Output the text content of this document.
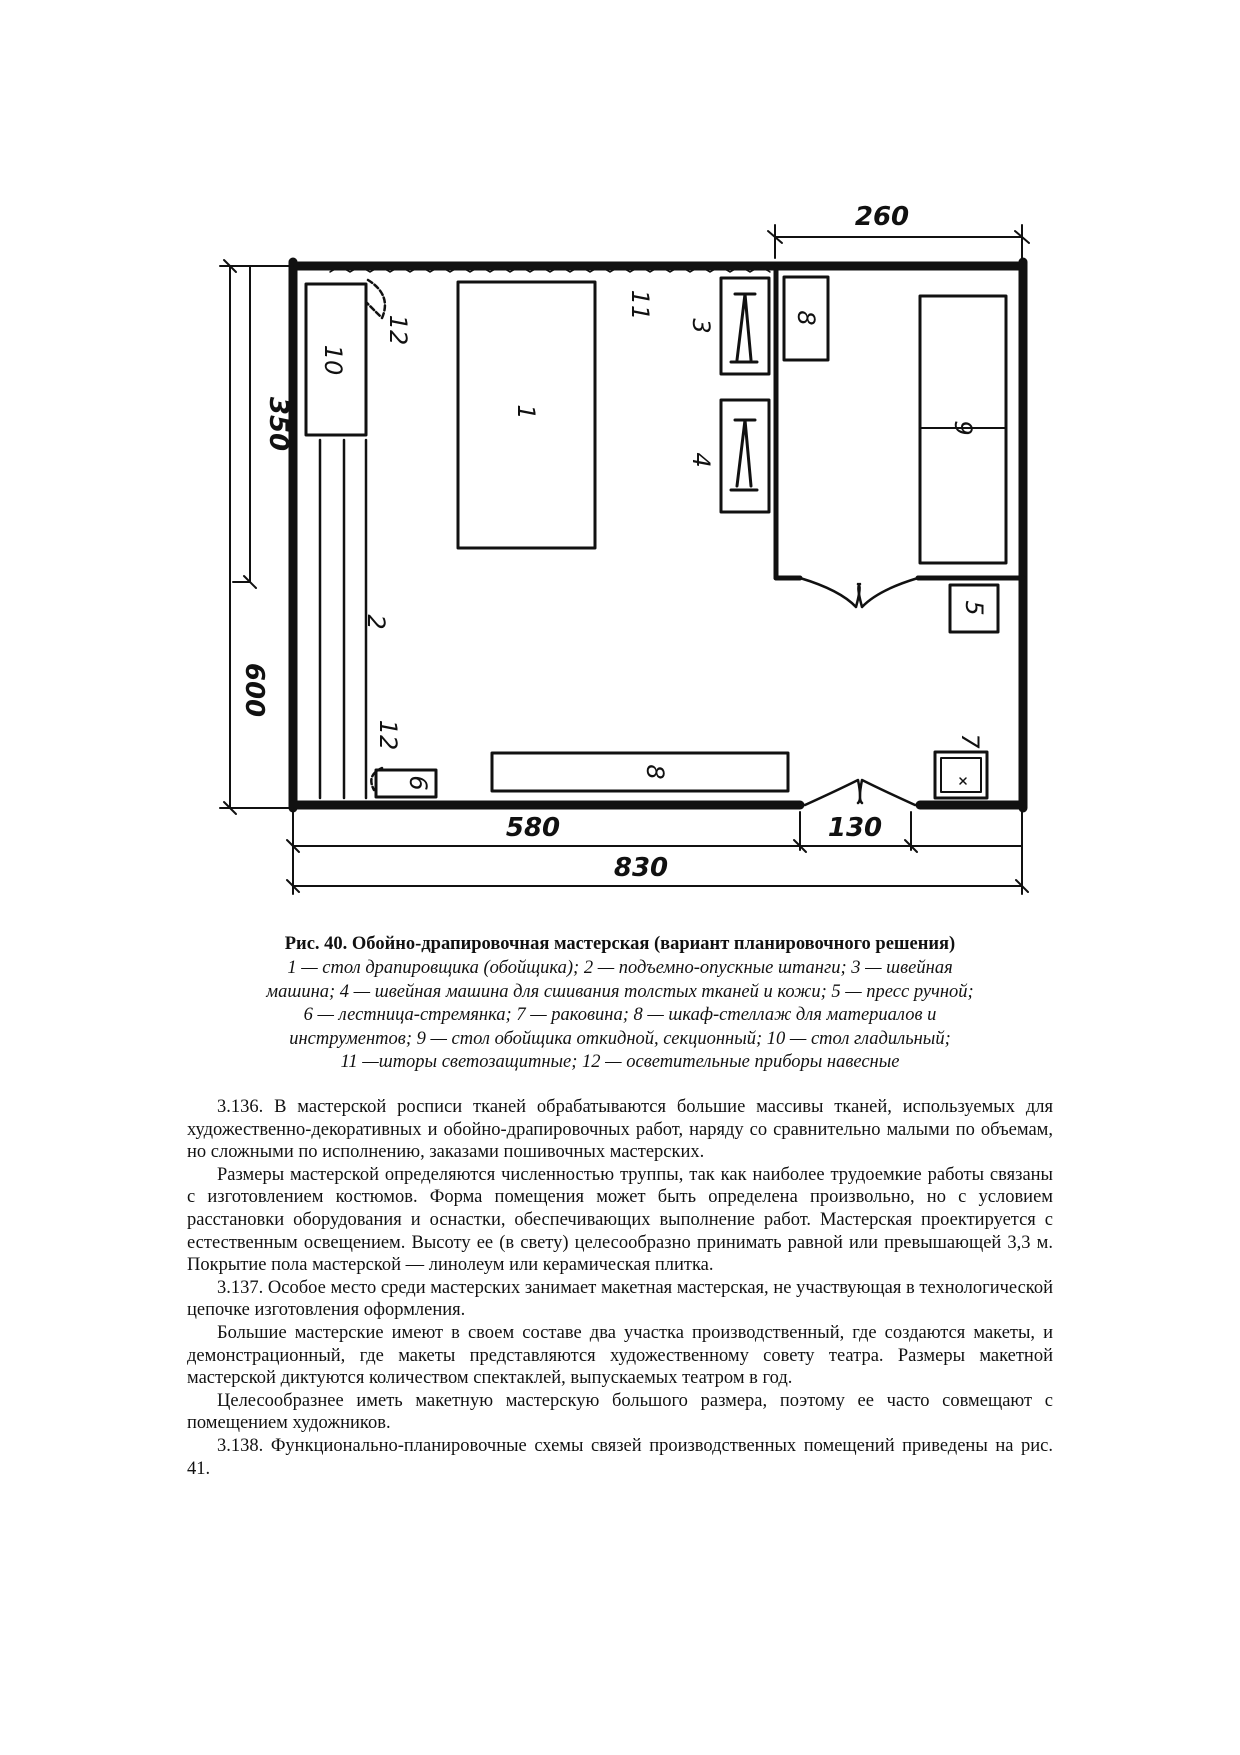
260
350
600
580	130
830
10
12
1
11
3
4
8
9
2
5
12	7
8
6

Рис. 40. Обойно-драпировочная мастерская (вариант планировочного решения)

1 — стол драпировщика (обойщика); 2 — подъемно-опускные штанги; 3 — швейная

машина; 4 — швейная машина для сшивания толстых тканей и кожи; 5 — пресс ручной;

6 — лестница-стремянка; 7 — раковина; 8 — шкаф-стеллаж для материалов и

инструментов; 9 — стол обойщика откидной, секционный; 10 — стол гладильный;

11 —шторы светозащитные; 12 — осветительные приборы навесные

3.136. В мастерской росписи тканей обрабатываются большие массивы тканей, используемых для художественно-декоративных и обойно-драпировочных работ, наряду со сравнительно малыми по объемам, но сложными по исполнению, заказами пошивочных мастерских.

Размеры мастерской определяются численностью труппы, так как наиболее трудоемкие работы связаны с изготовлением костюмов. Форма помещения может быть определена произвольно, но с условием расстановки оборудования и оснастки, обеспечивающих выполнение работ. Мастерская проектируется с естественным освещением. Высоту ее (в свету) целесообразно принимать равной или превышающей 3,3 м. Покрытие пола мастерской — линолеум или керамическая плитка.

3.137. Особое место среди мастерских занимает макетная мастерская, не участвующая в технологической цепочке изготовления оформления.

Большие мастерские имеют в своем составе два участка производственный, где создаются макеты, и демонстрационный, где макеты представляются художественному совету театра. Размеры макетной мастерской диктуются количеством спектаклей, выпускаемых театром в год.

Целесообразнее иметь макетную мастерскую большого размера, поэтому ее часто совмещают с помещением художников.

3.138. Функционально-планировочные схемы связей производственных помещений приведены на рис. 41.
